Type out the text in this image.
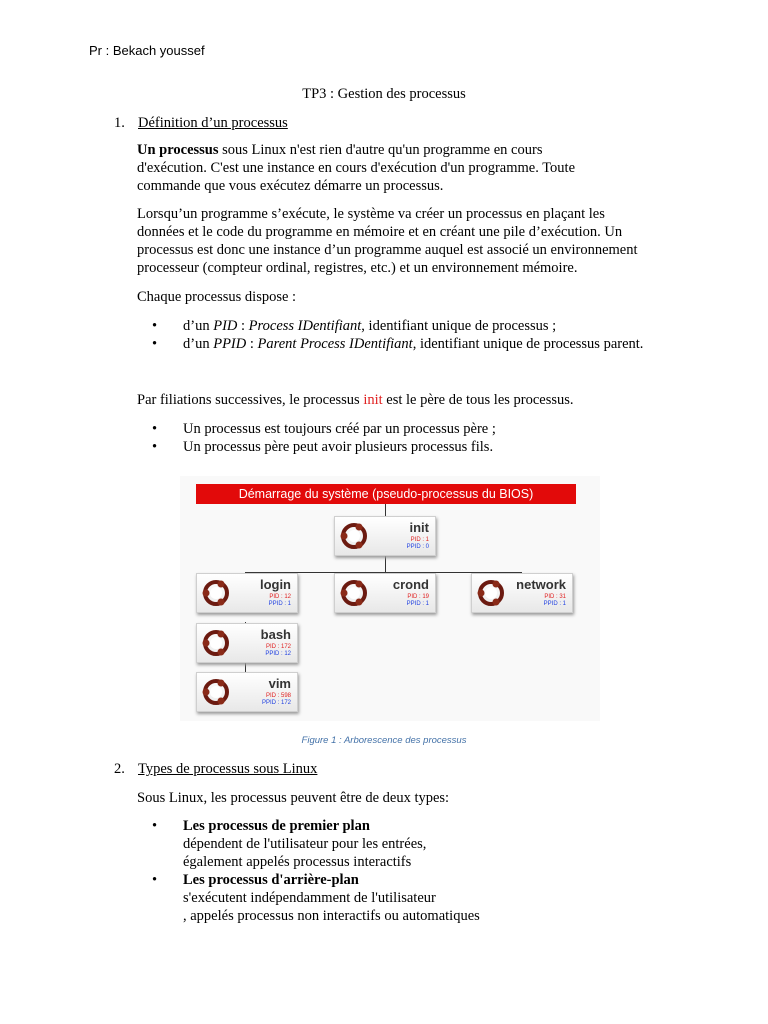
Pr : Bekach youssef
TP3 : Gestion des processus
1. Définition d’un processus
Un processus sous Linux n'est rien d'autre qu'un programme en cours
d'exécution. C'est une instance en cours d'exécution d'un programme. Toute
commande que vous exécutez démarre un processus.
Lorsqu’un programme s’exécute, le système va créer un processus en plaçant les
données et le code du programme en mémoire et en créant une pile d’exécution. Un
processus est donc une instance d’un programme auquel est associé un environnement
processeur (compteur ordinal, registres, etc.) et un environnement mémoire.
Chaque processus dispose :
• d’un PID : Process IDentifiant, identifiant unique de processus ;
• d’un PPID : Parent Process IDentifiant, identifiant unique de processus parent.
Par filiations successives, le processus init est le père de tous les processus.
• Un processus est toujours créé par un processus père ;
• Un processus père peut avoir plusieurs processus fils.
Démarrage du système (pseudo-processus du BIOS)
init
PID : 1
PPID : 0
login
PID : 12
PPID : 1
crond
PID : 19
PPID : 1
network
PID : 31
PPID : 1
bash
PID : 172
PPID : 12
vim
PID : 598
PPID : 172
Figure 1 : Arborescence des processus
2. Types de processus sous Linux
Sous Linux, les processus peuvent être de deux types:
• Les processus de premier plan
dépendent de l'utilisateur pour les entrées,
également appelés processus interactifs
• Les processus d'arrière-plan
s'exécutent indépendamment de l'utilisateur
, appelés processus non interactifs ou automatiques
